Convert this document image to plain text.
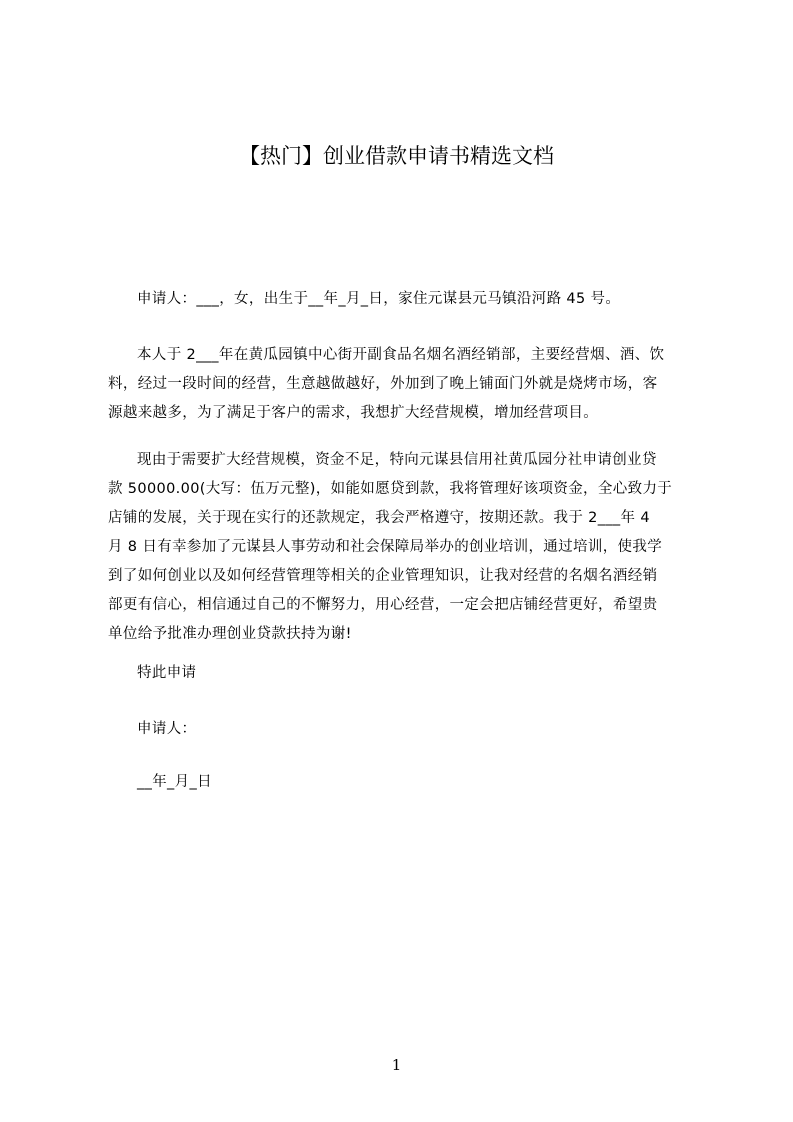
【热门】创业借款申请书精选文档
申请人：___，女，出生于__年_月_日，家住元谋县元马镇沿河路 45 号。
本人于 2___年在黄瓜园镇中心街开副食品名烟名酒经销部，主要经营烟、酒、饮
料，经过一段时间的经营，生意越做越好，外加到了晚上铺面门外就是烧烤市场，客
源越来越多，为了满足于客户的需求，我想扩大经营规模，增加经营项目。
现由于需要扩大经营规模，资金不足，特向元谋县信用社黄瓜园分社申请创业贷
款 50000.00(大写：伍万元整)，如能如愿贷到款，我将管理好该项资金，全心致力于
店铺的发展，关于现在实行的还款规定，我会严格遵守，按期还款。我于 2___年 4
月 8 日有幸参加了元谋县人事劳动和社会保障局举办的创业培训，通过培训，使我学
到了如何创业以及如何经营管理等相关的企业管理知识，让我对经营的名烟名酒经销
部更有信心，相信通过自己的不懈努力，用心经营，一定会把店铺经营更好，希望贵
单位给予批准办理创业贷款扶持为谢!
特此申请
申请人：
__年_月_日
1
